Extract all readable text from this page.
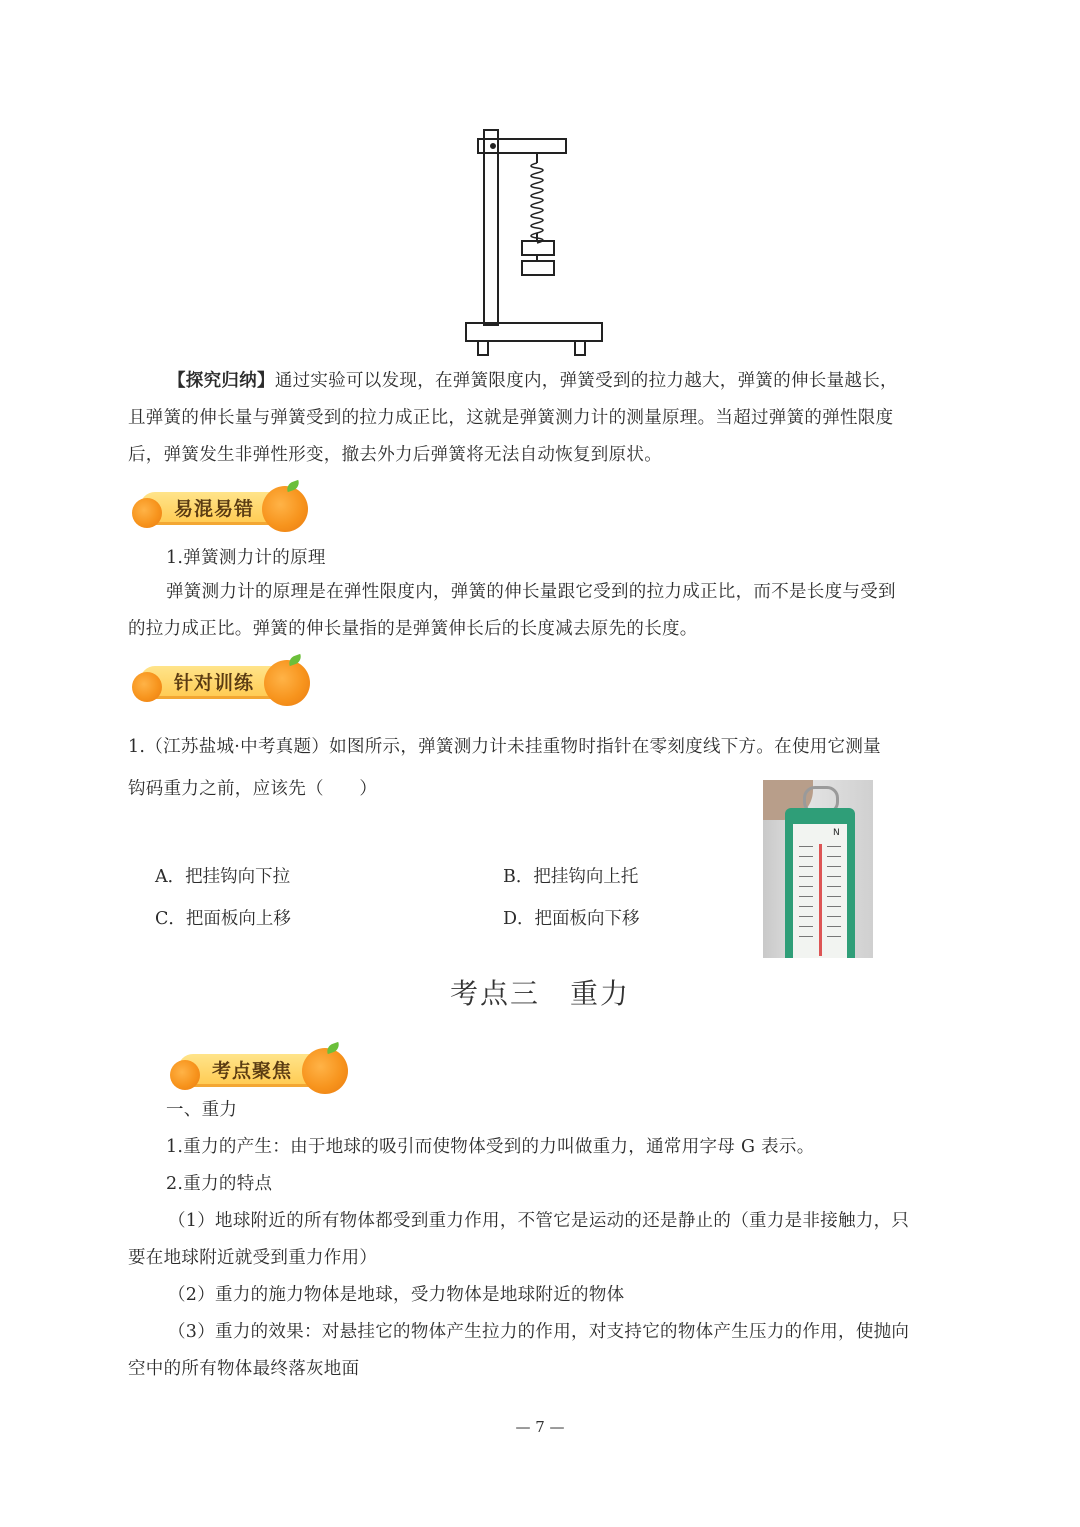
【探究归纳】通过实验可以发现，在弹簧限度内，弹簧受到的拉力越大，弹簧的伸长量越长，
且弹簧的伸长量与弹簧受到的拉力成正比，这就是弹簧测力计的测量原理。当超过弹簧的弹性限度
后，弹簧发生非弹性形变，撤去外力后弹簧将无法自动恢复到原状。
易混易错
1.弹簧测力计的原理
弹簧测力计的原理是在弹性限度内，弹簧的伸长量跟它受到的拉力成正比，而不是长度与受到
的拉力成正比。弹簧的伸长量指的是弹簧伸长后的长度减去原先的长度。
针对训练
1.（江苏盐城·中考真题）如图所示，弹簧测力计未挂重物时指针在零刻度线下方。在使用它测量
钩码重力之前，应该先（　　）
A．把挂钩向下拉	B．把挂钩向上托
C．把面板向上移	D．把面板向下移
N
考点三　重力
考点聚焦
一、重力
1.重力的产生：由于地球的吸引而使物体受到的力叫做重力，通常用字母 G 表示。
2.重力的特点
（1）地球附近的所有物体都受到重力作用，不管它是运动的还是静止的（重力是非接触力，只
要在地球附近就受到重力作用）
（2）重力的施力物体是地球，受力物体是地球附近的物体
（3）重力的效果：对悬挂它的物体产生拉力的作用，对支持它的物体产生压力的作用，使抛向
空中的所有物体最终落灰地面
— 7 —
